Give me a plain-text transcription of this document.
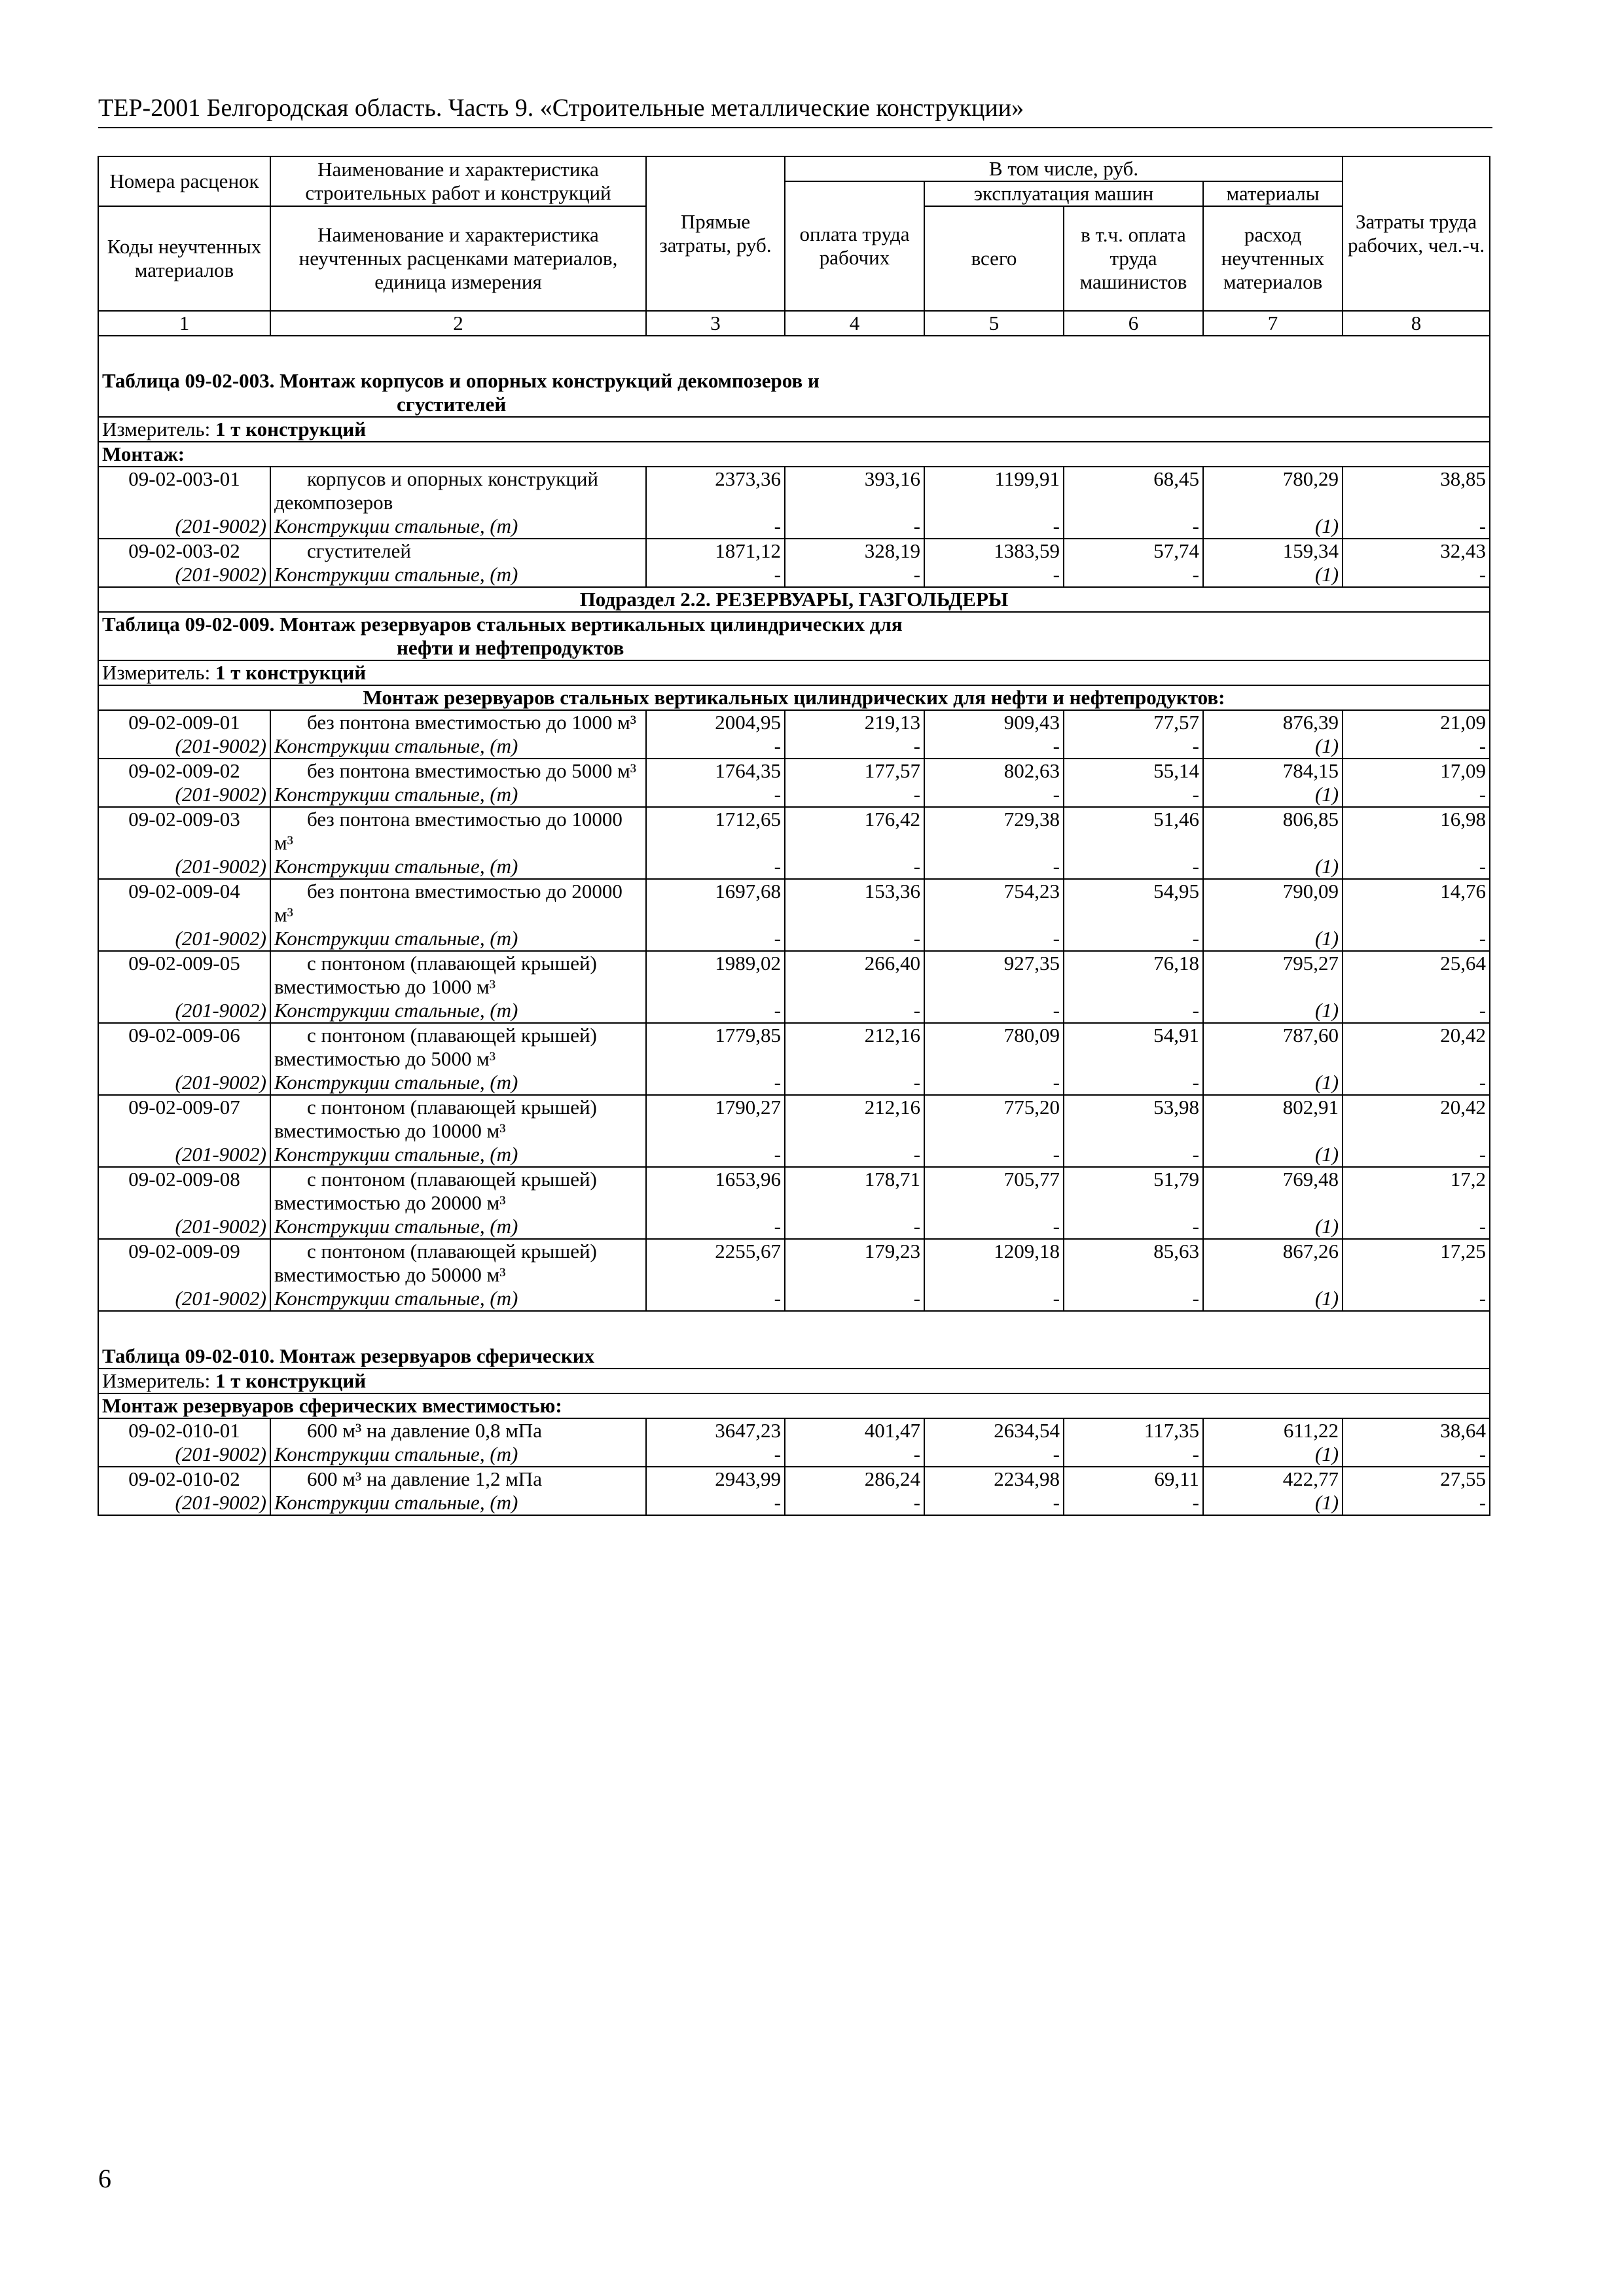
ТЕР-2001 Белгородская область. Часть 9. «Строительные металлические конструкции»
Номера расценок	Наименование и характеристика строительных работ и конструкций	Прямые затраты, руб.	В том числе, руб.				Затраты труда рабочих, чел.-ч.
			оплата труда рабочих	эксплуатация машин		материалы	
Коды неучтенных материалов	Наименование и характеристика неучтенных расценками материалов, единица измерения			всего	в т.ч. оплата труда машинистов	расход неучтенных материалов	

1	2	3	4	5	6	7	8
Таблица 09-02-003. Монтаж корпусов и опорных конструкций декомпозеров и
сгустителей							

Измеритель: 1 т конструкций							
Монтаж:							
09-02-003-01	корпусов и опорных конструкций декомпозеров	2373,36	393,16	1199,91	68,45	780,29	38,85
(201-9002)	Конструкции стальные, (т)	-	-	-	-	(1)	-
09-02-003-02	сгустителей	1871,12	328,19	1383,59	57,74	159,34	32,43
(201-9002)	Конструкции стальные, (т)	-	-	-	-	(1)	-
Подраздел 2.2. РЕЗЕРВУАРЫ, ГАЗГОЛЬДЕРЫ							
Таблица 09-02-009. Монтаж резервуаров стальных вертикальных цилиндрических для
нефти и нефтепродуктов							

Измеритель: 1 т конструкций							
Монтаж резервуаров стальных вертикальных цилиндрических для нефти и нефтепродуктов:							
09-02-009-01	без понтона вместимостью до 1000 м³	2004,95	219,13	909,43	77,57	876,39	21,09
(201-9002)	Конструкции стальные, (т)	-	-	-	-	(1)	-
09-02-009-02	без понтона вместимостью до 5000 м³	1764,35	177,57	802,63	55,14	784,15	17,09
(201-9002)	Конструкции стальные, (т)	-	-	-	-	(1)	-
09-02-009-03	без понтона вместимостью до 10000 м³	1712,65	176,42	729,38	51,46	806,85	16,98
(201-9002)	Конструкции стальные, (т)	-	-	-	-	(1)	-
09-02-009-04	без понтона вместимостью до 20000 м³	1697,68	153,36	754,23	54,95	790,09	14,76
(201-9002)	Конструкции стальные, (т)	-	-	-	-	(1)	-
09-02-009-05	с понтоном (плавающей крышей) вместимостью до 1000 м³	1989,02	266,40	927,35	76,18	795,27	25,64
(201-9002)	Конструкции стальные, (т)	-	-	-	-	(1)	-
09-02-009-06	с понтоном (плавающей крышей) вместимостью до 5000 м³	1779,85	212,16	780,09	54,91	787,60	20,42
(201-9002)	Конструкции стальные, (т)	-	-	-	-	(1)	-
09-02-009-07	с понтоном (плавающей крышей) вместимостью до 10000 м³	1790,27	212,16	775,20	53,98	802,91	20,42
(201-9002)	Конструкции стальные, (т)	-	-	-	-	(1)	-
09-02-009-08	с понтоном (плавающей крышей) вместимостью до 20000 м³	1653,96	178,71	705,77	51,79	769,48	17,2
(201-9002)	Конструкции стальные, (т)	-	-	-	-	(1)	-
09-02-009-09	с понтоном (плавающей крышей) вместимостью до 50000 м³	2255,67	179,23	1209,18	85,63	867,26	17,25
(201-9002)	Конструкции стальные, (т)	-	-	-	-	(1)	-
Таблица 09-02-010. Монтаж резервуаров сферических							
Измеритель: 1 т конструкций							
Монтаж резервуаров сферических вместимостью:							
09-02-010-01	600 м³ на давление 0,8 мПа	3647,23	401,47	2634,54	117,35	611,22	38,64
(201-9002)	Конструкции стальные, (т)	-	-	-	-	(1)	-
09-02-010-02	600 м³ на давление 1,2 мПа	2943,99	286,24	2234,98	69,11	422,77	27,55
(201-9002)	Конструкции стальные, (т)	-	-	-	-	(1)	-
6
